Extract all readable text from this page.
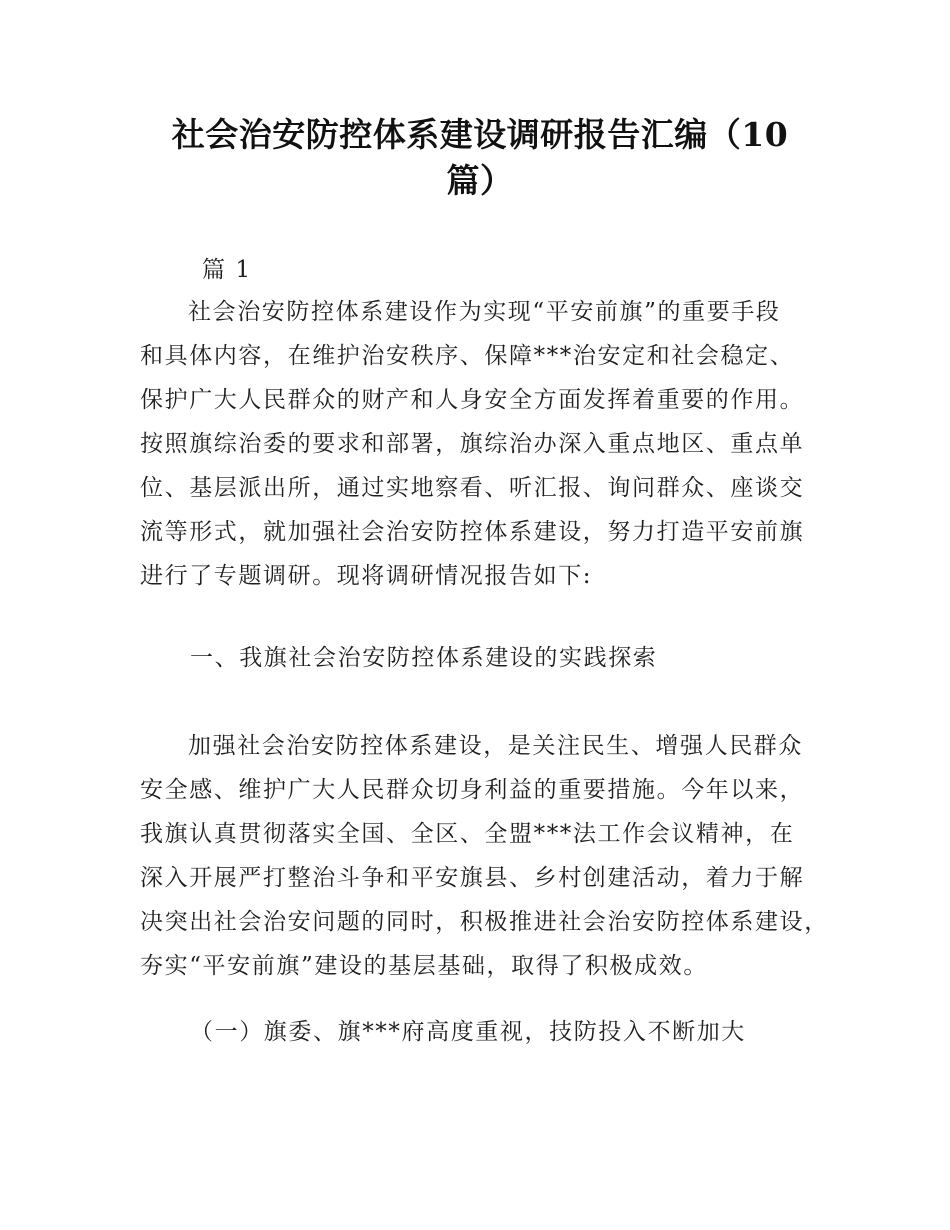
社会治安防控体系建设调研报告汇编（10
篇）
篇 1
社会治安防控体系建设作为实现“平安前旗”的重要手段
和具体内容，在维护治安秩序、保障***治安定和社会稳定、
保护广大人民群众的财产和人身安全方面发挥着重要的作用。
按照旗综治委的要求和部署，旗综治办深入重点地区、重点单
位、基层派出所，通过实地察看、听汇报、询问群众、座谈交
流等形式，就加强社会治安防控体系建设，努力打造平安前旗
进行了专题调研。现将调研情况报告如下:
一、我旗社会治安防控体系建设的实践探索
加强社会治安防控体系建设，是关注民生、增强人民群众
安全感、维护广大人民群众切身利益的重要措施。今年以来，
我旗认真贯彻落实全国、全区、全盟***法工作会议精神，在
深入开展严打整治斗争和平安旗县、乡村创建活动，着力于解
决突出社会治安问题的同时，积极推进社会治安防控体系建设，
夯实“平安前旗”建设的基层基础，取得了积极成效。
（一）旗委、旗***府高度重视，技防投入不断加大
